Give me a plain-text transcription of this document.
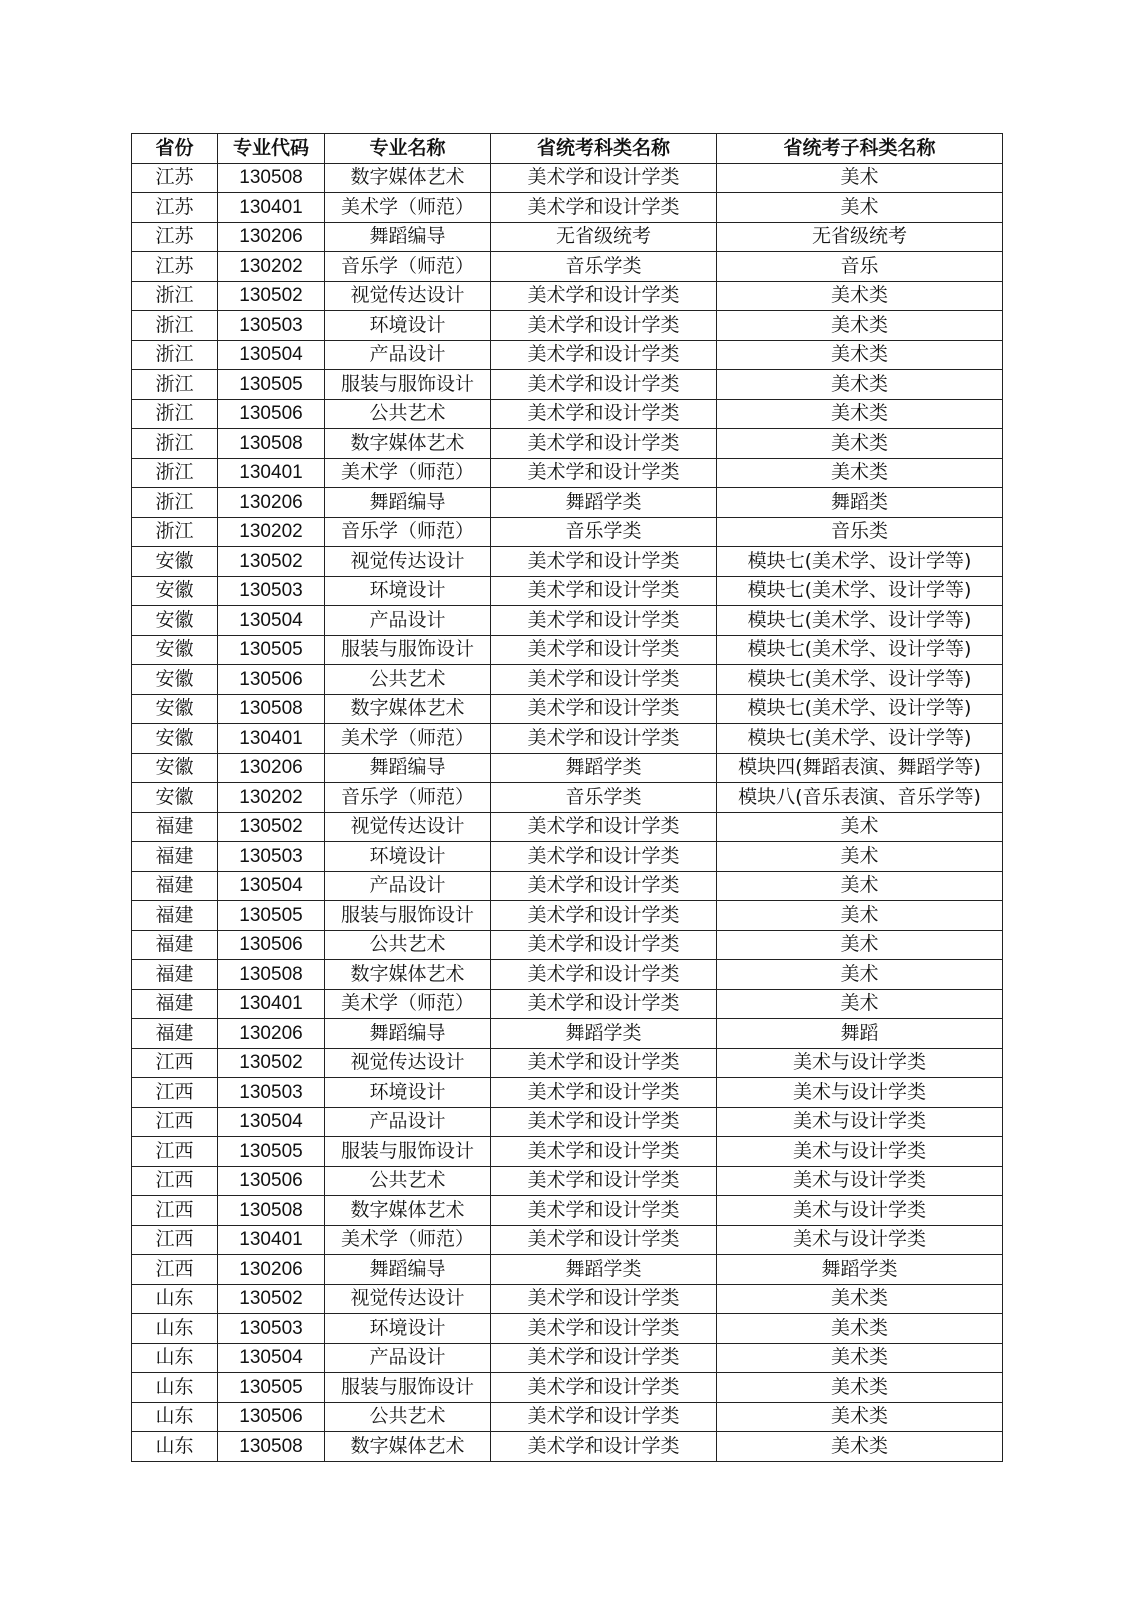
省份	专业代码	专业名称	省统考科类名称	省统考子科类名称
江苏	130508	数字媒体艺术	美术学和设计学类	美术
江苏	130401	美术学（师范）	美术学和设计学类	美术
江苏	130206	舞蹈编导	无省级统考	无省级统考
江苏	130202	音乐学（师范）	音乐学类	音乐
浙江	130502	视觉传达设计	美术学和设计学类	美术类
浙江	130503	环境设计	美术学和设计学类	美术类
浙江	130504	产品设计	美术学和设计学类	美术类
浙江	130505	服装与服饰设计	美术学和设计学类	美术类
浙江	130506	公共艺术	美术学和设计学类	美术类
浙江	130508	数字媒体艺术	美术学和设计学类	美术类
浙江	130401	美术学（师范）	美术学和设计学类	美术类
浙江	130206	舞蹈编导	舞蹈学类	舞蹈类
浙江	130202	音乐学（师范）	音乐学类	音乐类
安徽	130502	视觉传达设计	美术学和设计学类	模块七(美术学、设计学等)
安徽	130503	环境设计	美术学和设计学类	模块七(美术学、设计学等)
安徽	130504	产品设计	美术学和设计学类	模块七(美术学、设计学等)
安徽	130505	服装与服饰设计	美术学和设计学类	模块七(美术学、设计学等)
安徽	130506	公共艺术	美术学和设计学类	模块七(美术学、设计学等)
安徽	130508	数字媒体艺术	美术学和设计学类	模块七(美术学、设计学等)
安徽	130401	美术学（师范）	美术学和设计学类	模块七(美术学、设计学等)
安徽	130206	舞蹈编导	舞蹈学类	模块四(舞蹈表演、舞蹈学等)
安徽	130202	音乐学（师范）	音乐学类	模块八(音乐表演、音乐学等)
福建	130502	视觉传达设计	美术学和设计学类	美术
福建	130503	环境设计	美术学和设计学类	美术
福建	130504	产品设计	美术学和设计学类	美术
福建	130505	服装与服饰设计	美术学和设计学类	美术
福建	130506	公共艺术	美术学和设计学类	美术
福建	130508	数字媒体艺术	美术学和设计学类	美术
福建	130401	美术学（师范）	美术学和设计学类	美术
福建	130206	舞蹈编导	舞蹈学类	舞蹈
江西	130502	视觉传达设计	美术学和设计学类	美术与设计学类
江西	130503	环境设计	美术学和设计学类	美术与设计学类
江西	130504	产品设计	美术学和设计学类	美术与设计学类
江西	130505	服装与服饰设计	美术学和设计学类	美术与设计学类
江西	130506	公共艺术	美术学和设计学类	美术与设计学类
江西	130508	数字媒体艺术	美术学和设计学类	美术与设计学类
江西	130401	美术学（师范）	美术学和设计学类	美术与设计学类
江西	130206	舞蹈编导	舞蹈学类	舞蹈学类
山东	130502	视觉传达设计	美术学和设计学类	美术类
山东	130503	环境设计	美术学和设计学类	美术类
山东	130504	产品设计	美术学和设计学类	美术类
山东	130505	服装与服饰设计	美术学和设计学类	美术类
山东	130506	公共艺术	美术学和设计学类	美术类
山东	130508	数字媒体艺术	美术学和设计学类	美术类
